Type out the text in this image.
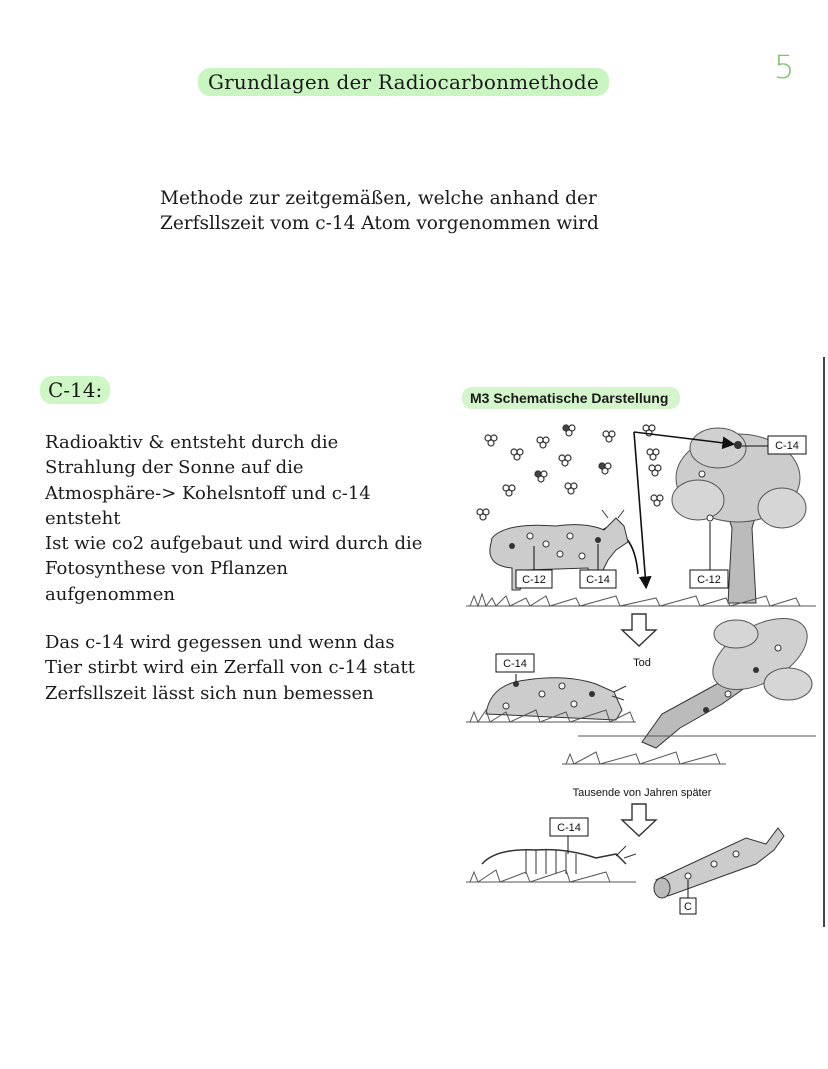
Grundlagen der Radiocarbonmethode	5
Methode zur zeitgemäßen, welche anhand der
Zerfsllszeit vom c-14 Atom vorgenommen wird
C-14:
Radioaktiv & entsteht durch die
Strahlung der Sonne auf die
Atmosphäre-> Kohelsntoff und c-14
entsteht
Ist wie co2 aufgebaut und wird durch die
Fotosynthese von Pflanzen
aufgenommen
Das c-14 wird gegessen und wenn das
Tier stirbt wird ein Zerfall von c-14 statt
Zerfsllszeit lässt sich nun bemessen
M3 Schematische Darstellung
C-14
C-12	C-14	C-12
Tod
C-14
Tausende von Jahren später
C-14
C
